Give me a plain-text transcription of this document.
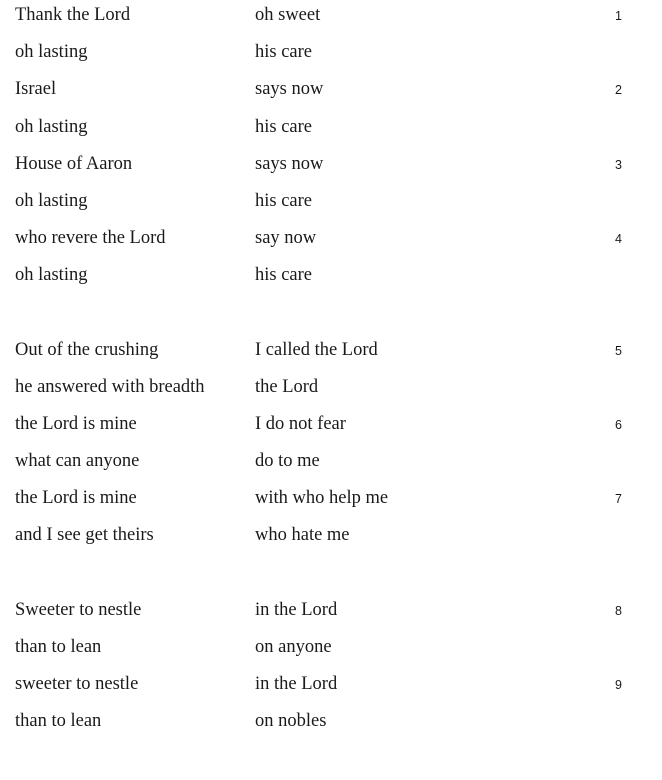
Thank the Lord	oh sweet	1
oh lasting	his care
Israel	says now	2
oh lasting	his care
House of Aaron	says now	3
oh lasting	his care
who revere the Lord	say now	4
oh lasting	his care
Out of the crushing	I called the Lord	5
he answered with breadth	the Lord
the Lord is mine	I do not fear	6
what can anyone	do to me
the Lord is mine	with who help me	7
and I see get theirs	who hate me
Sweeter to nestle	in the Lord	8
than to lean	on anyone
sweeter to nestle	in the Lord	9
than to lean	on nobles
